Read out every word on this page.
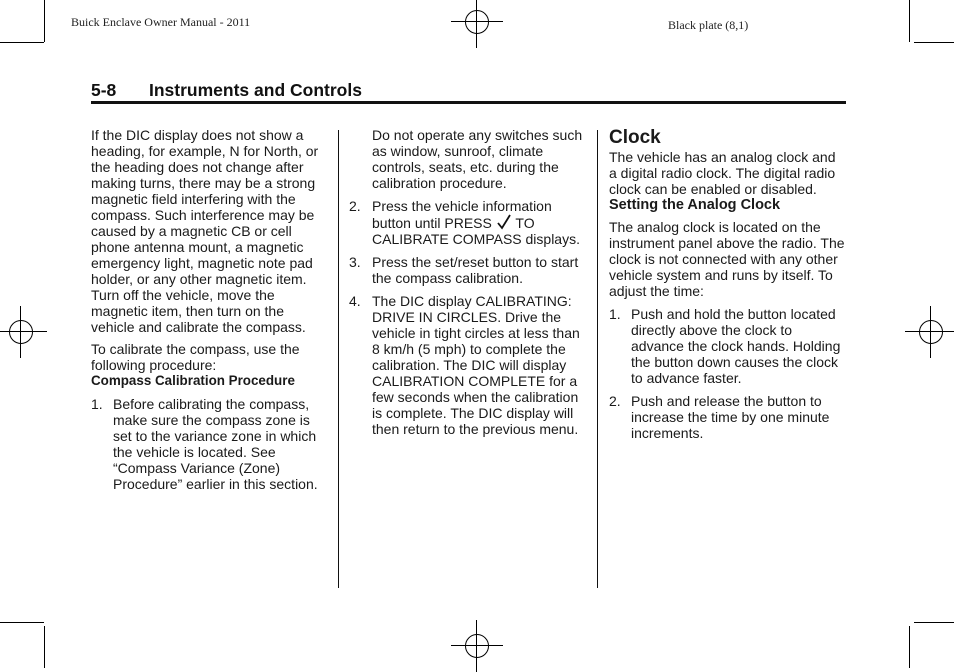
Buick Enclave Owner Manual - 2011	Black plate (8,1)
5-8 Instruments and Controls

If the DIC display does not show a heading, for example, N for North, or the heading does not change after making turns, there may be a strong magnetic field interfering with the compass. Such interference may be caused by a magnetic CB or cell phone antenna mount, a magnetic emergency light, magnetic note pad holder, or any other magnetic item. Turn off the vehicle, move the magnetic item, then turn on the vehicle and calibrate the compass.

To calibrate the compass, use the following procedure:

Compass Calibration Procedure

1. Before calibrating the compass, make sure the compass zone is set to the variance zone in which the vehicle is located. See “Compass Variance (Zone) Procedure” earlier in this section.

Do not operate any switches such as window, sunroof, climate controls, seats, etc. during the calibration procedure.

2. Press the vehicle information button until PRESS TO CALIBRATE COMPASS displays.
3. Press the set/reset button to start the compass calibration.
4. The DIC display CALIBRATING: DRIVE IN CIRCLES. Drive the vehicle in tight circles at less than 8 km/h (5 mph) to complete the calibration. The DIC will display CALIBRATION COMPLETE for a few seconds when the calibration is complete. The DIC display will then return to the previous menu.

Clock

The vehicle has an analog clock and a digital radio clock. The digital radio clock can be enabled or disabled.

Setting the Analog Clock

The analog clock is located on the instrument panel above the radio. The clock is not connected with any other vehicle system and runs by itself. To adjust the time:

1. Push and hold the button located directly above the clock to advance the clock hands. Holding the button down causes the clock to advance faster.
2. Push and release the button to increase the time by one minute increments.
